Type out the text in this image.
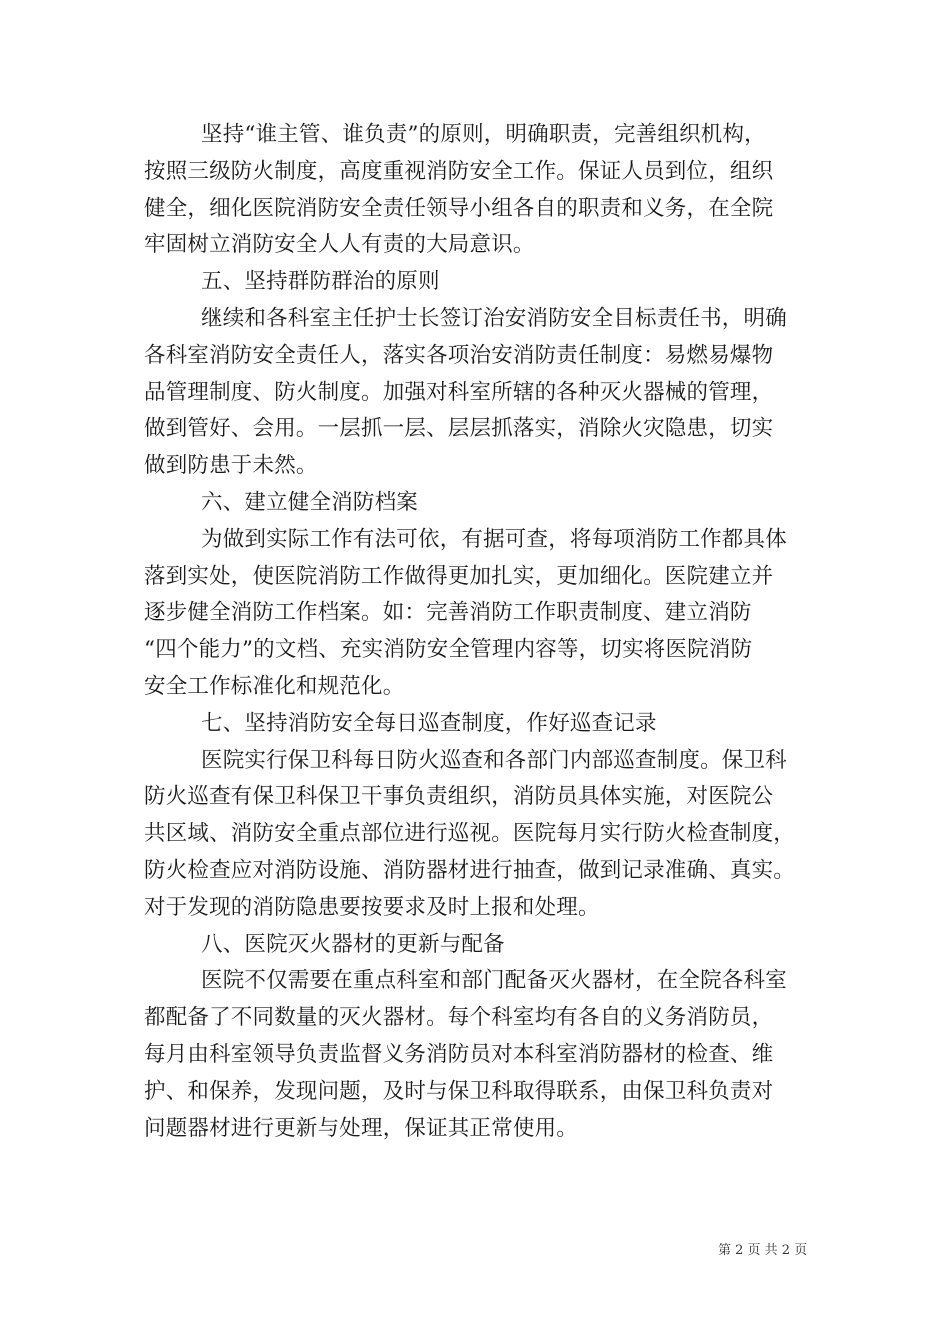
坚持“谁主管、谁负责”的原则，明确职责，完善组织机构，
按照三级防火制度，高度重视消防安全工作。保证人员到位，组织
健全，细化医院消防安全责任领导小组各自的职责和义务，在全院
牢固树立消防安全人人有责的大局意识。
五、坚持群防群治的原则
继续和各科室主任护士长签订治安消防安全目标责任书，明确
各科室消防安全责任人，落实各项治安消防责任制度：易燃易爆物
品管理制度、防火制度。加强对科室所辖的各种灭火器械的管理，
做到管好、会用。一层抓一层、层层抓落实，消除火灾隐患，切实
做到防患于未然。
六、建立健全消防档案
为做到实际工作有法可依，有据可查，将每项消防工作都具体
落到实处，使医院消防工作做得更加扎实，更加细化。医院建立并
逐步健全消防工作档案。如：完善消防工作职责制度、建立消防
“四个能力”的文档、充实消防安全管理内容等，切实将医院消防
安全工作标准化和规范化。
七、坚持消防安全每日巡查制度，作好巡查记录
医院实行保卫科每日防火巡查和各部门内部巡查制度。保卫科
防火巡查有保卫科保卫干事负责组织，消防员具体实施，对医院公
共区域、消防安全重点部位进行巡视。医院每月实行防火检查制度，
防火检查应对消防设施、消防器材进行抽查，做到记录准确、真实。
对于发现的消防隐患要按要求及时上报和处理。
八、医院灭火器材的更新与配备
医院不仅需要在重点科室和部门配备灭火器材，在全院各科室
都配备了不同数量的灭火器材。每个科室均有各自的义务消防员，
每月由科室领导负责监督义务消防员对本科室消防器材的检查、维
护、和保养，发现问题，及时与保卫科取得联系，由保卫科负责对
问题器材进行更新与处理，保证其正常使用。
第 2 页 共 2 页
